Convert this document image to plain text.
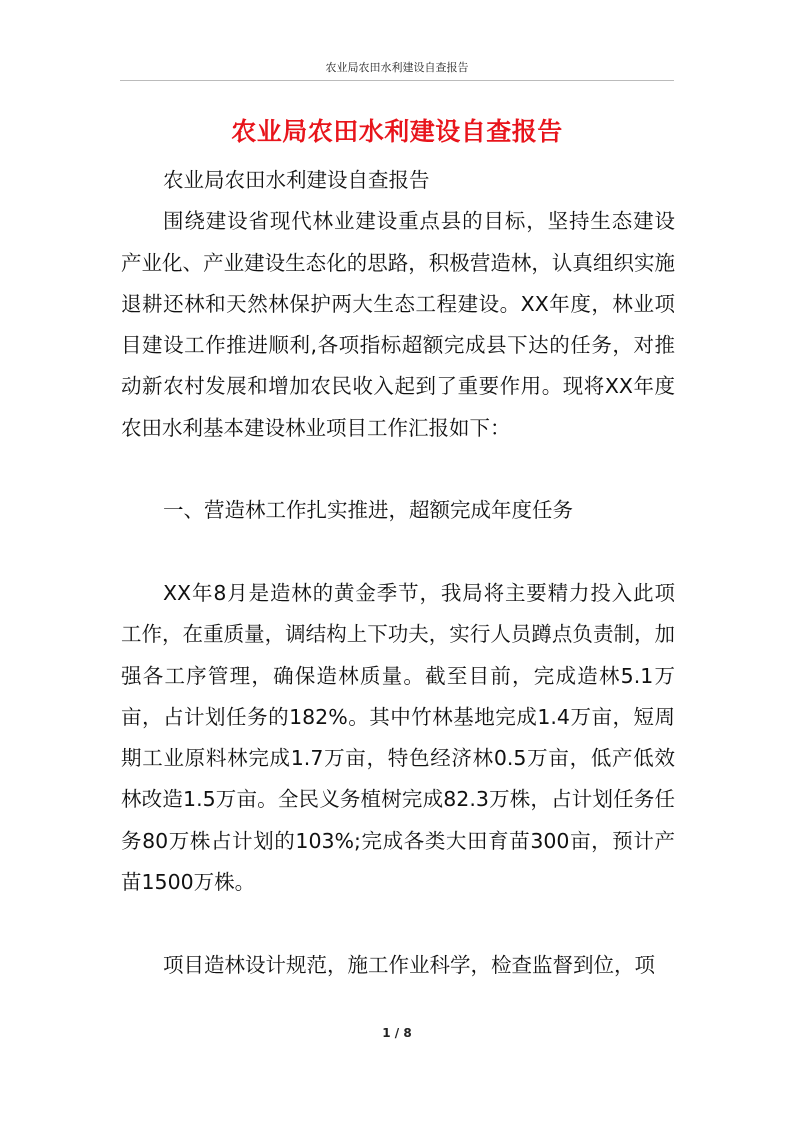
农业局农田水利建设自查报告
农业局农田水利建设自查报告

农业局农田水利建设自查报告

围绕建设省现代林业建设重点县的目标，坚持生态建设产业化、产业建设生态化的思路，积极营造林，认真组织实施退耕还林和天然林保护两大生态工程建设。XX年度，林业项目建设工作推进顺利,各项指标超额完成县下达的任务，对推动新农村发展和增加农民收入起到了重要作用。现将XX年度农田水利基本建设林业项目工作汇报如下：

一、营造林工作扎实推进，超额完成年度任务

XX年8月是造林的黄金季节，我局将主要精力投入此项工作，在重质量，调结构上下功夫，实行人员蹲点负责制，加强各工序管理，确保造林质量。截至目前，完成造林5.1万亩，占计划任务的182%。其中竹林基地完成1.4万亩，短周期工业原料林完成1.7万亩，特色经济林0.5万亩，低产低效林改造1.5万亩。全民义务植树完成82.3万株，占计划任务任务80万株占计划的103%;完成各类大田育苗300亩，预计产苗1500万株。

项目造林设计规范，施工作业科学，检查监督到位，项

1 / 8
